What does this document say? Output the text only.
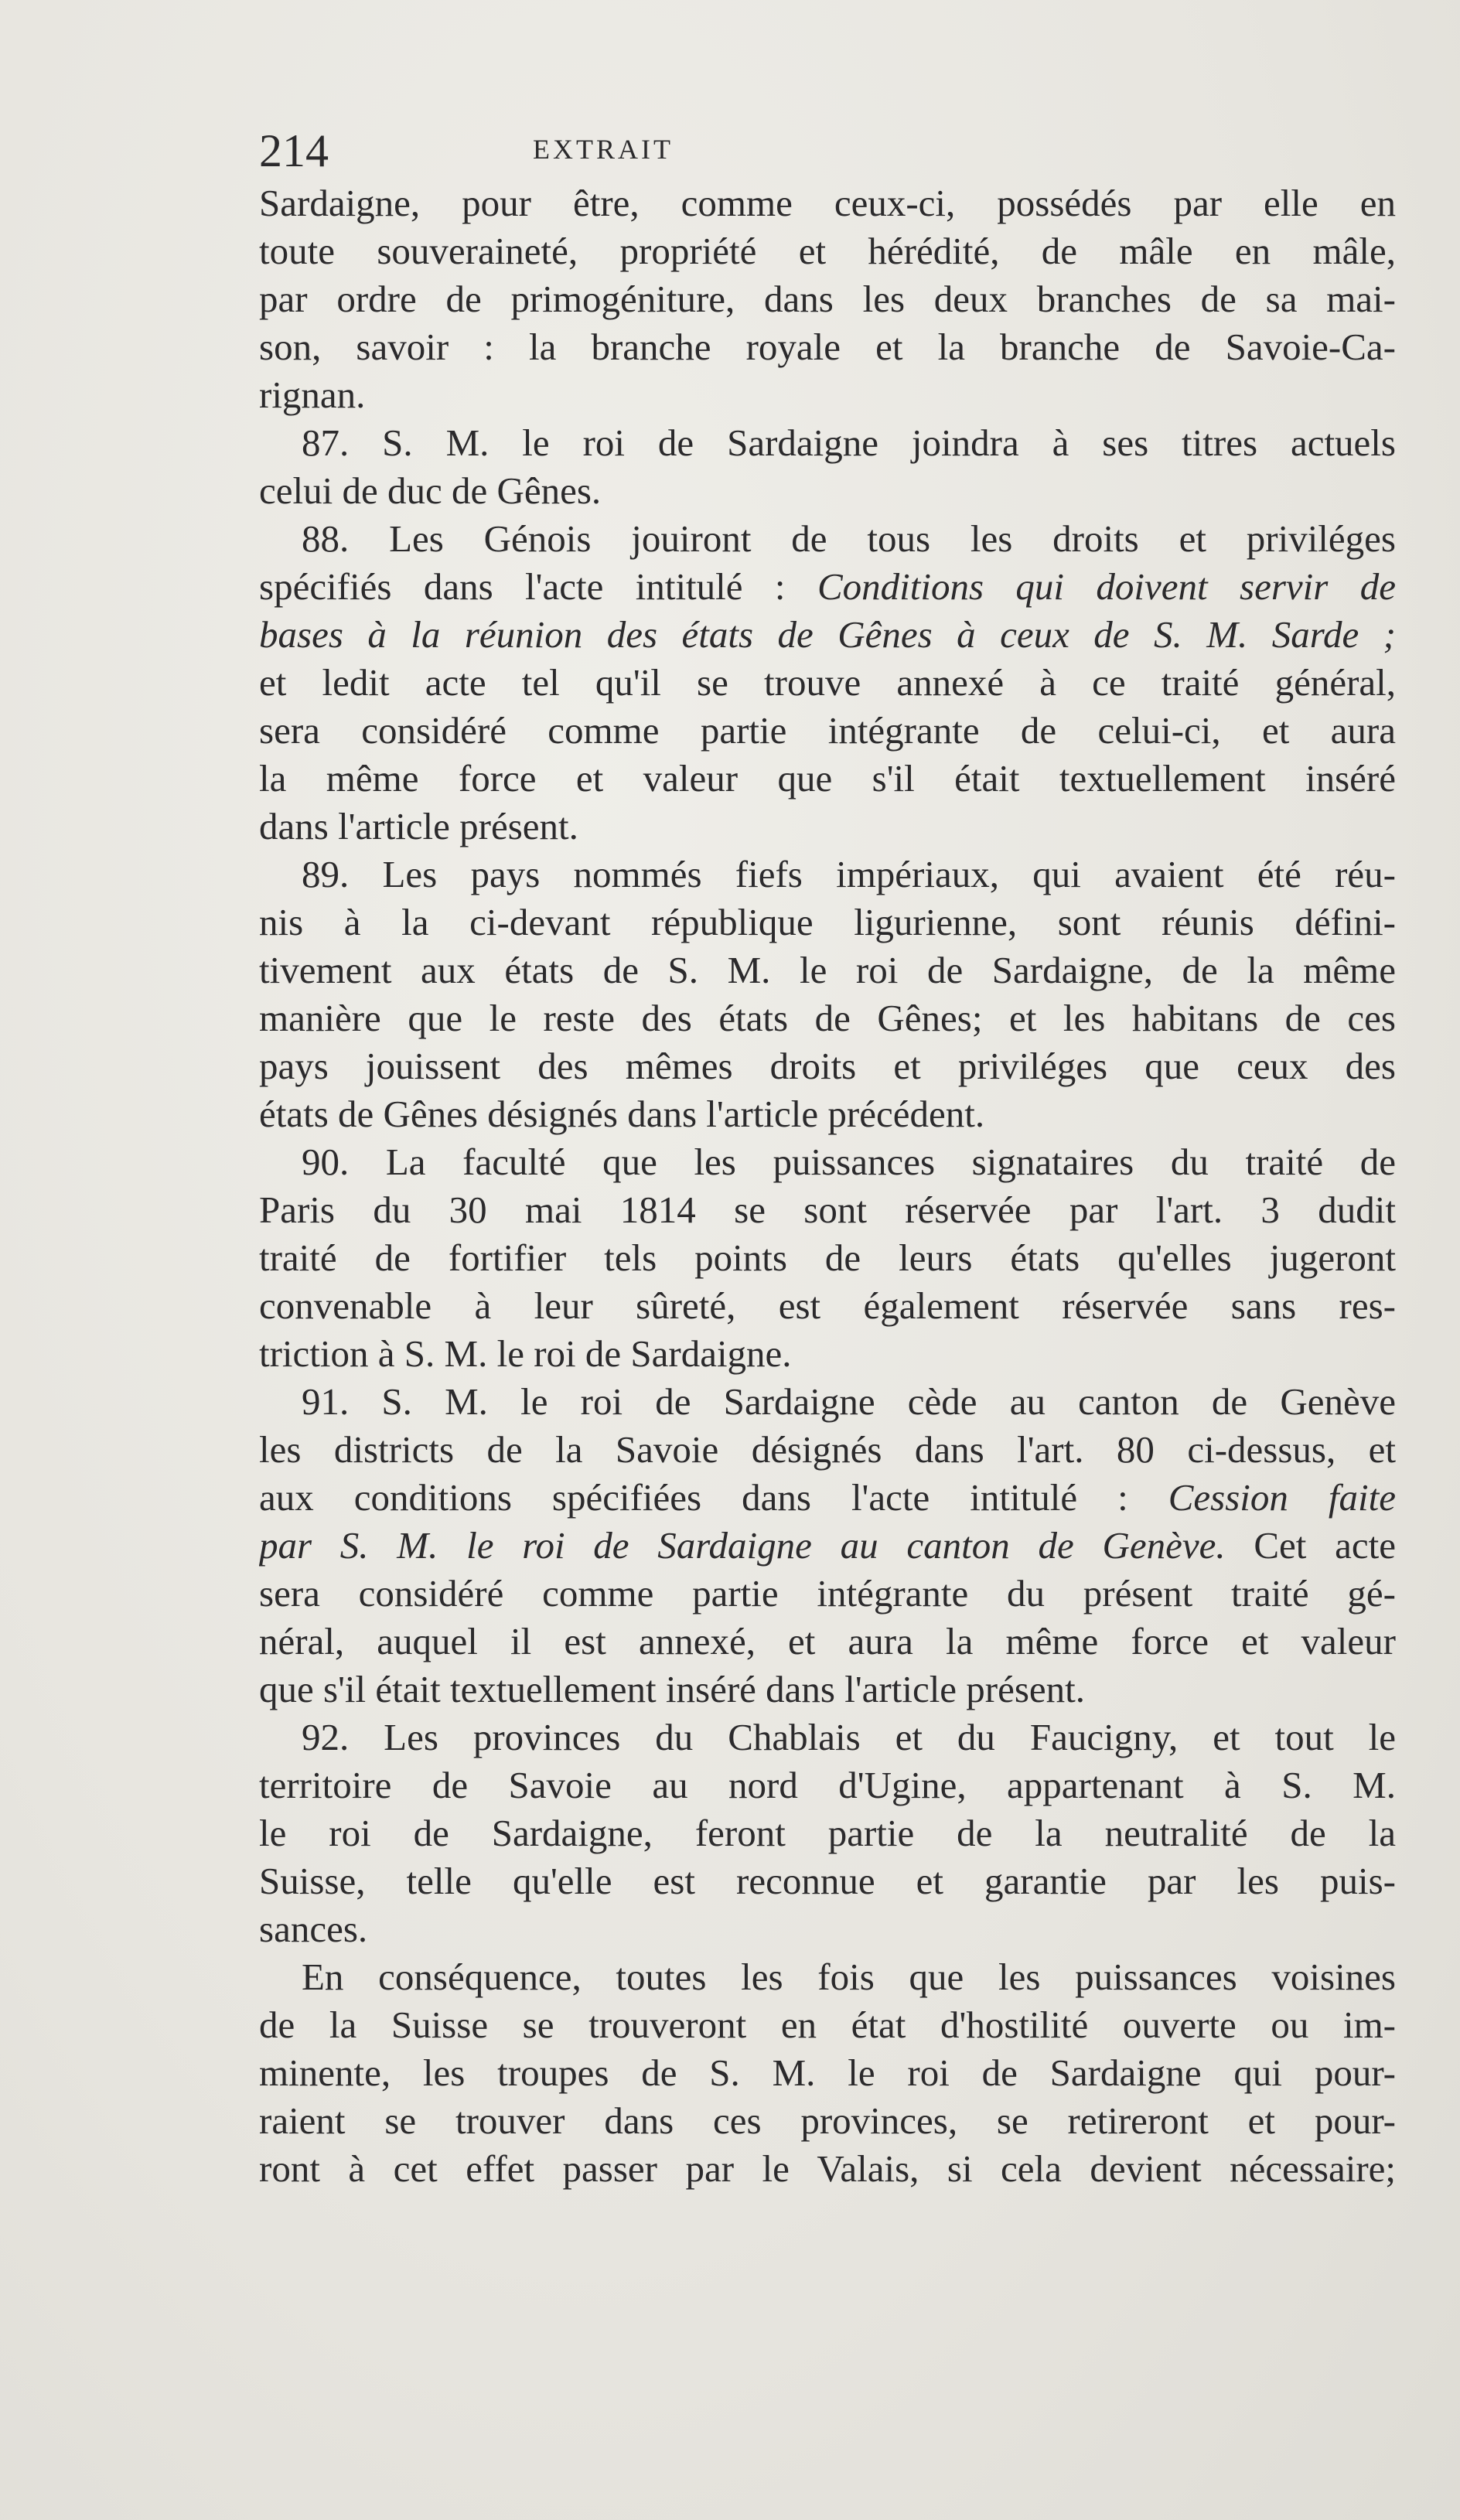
214	EXTRAIT
Sardaigne, pour être, comme ceux-ci, possédés par elle en
toute souveraineté, propriété et hérédité, de mâle en mâle,
par ordre de primogéniture, dans les deux branches de sa mai-
son, savoir : la branche royale et la branche de Savoie-Ca-
rignan.
87. S. M. le roi de Sardaigne joindra à ses titres actuels
celui de duc de Gênes.
88. Les Génois jouiront de tous les droits et priviléges
spécifiés dans l'acte intitulé : Conditions qui doivent servir de
bases à la réunion des états de Gênes à ceux de S. M. Sarde ;
et ledit acte tel qu'il se trouve annexé à ce traité général,
sera considéré comme partie intégrante de celui-ci, et aura
la même force et valeur que s'il était textuellement inséré
dans l'article présent.
89. Les pays nommés fiefs impériaux, qui avaient été réu-
nis à la ci-devant république ligurienne, sont réunis défini-
tivement aux états de S. M. le roi de Sardaigne, de la même
manière que le reste des états de Gênes; et les habitans de ces
pays jouissent des mêmes droits et priviléges que ceux des
états de Gênes désignés dans l'article précédent.
90. La faculté que les puissances signataires du traité de
Paris du 30 mai 1814 se sont réservée par l'art. 3 dudit
traité de fortifier tels points de leurs états qu'elles jugeront
convenable à leur sûreté, est également réservée sans res-
triction à S. M. le roi de Sardaigne.
91. S. M. le roi de Sardaigne cède au canton de Genève
les districts de la Savoie désignés dans l'art. 80 ci-dessus, et
aux conditions spécifiées dans l'acte intitulé : Cession faite
par S. M. le roi de Sardaigne au canton de Genève. Cet acte
sera considéré comme partie intégrante du présent traité gé-
néral, auquel il est annexé, et aura la même force et valeur
que s'il était textuellement inséré dans l'article présent.
92. Les provinces du Chablais et du Faucigny, et tout le
territoire de Savoie au nord d'Ugine, appartenant à S. M.
le roi de Sardaigne, feront partie de la neutralité de la
Suisse, telle qu'elle est reconnue et garantie par les puis-
sances.
En conséquence, toutes les fois que les puissances voisines
de la Suisse se trouveront en état d'hostilité ouverte ou im-
minente, les troupes de S. M. le roi de Sardaigne qui pour-
raient se trouver dans ces provinces, se retireront et pour-
ront à cet effet passer par le Valais, si cela devient nécessaire;
